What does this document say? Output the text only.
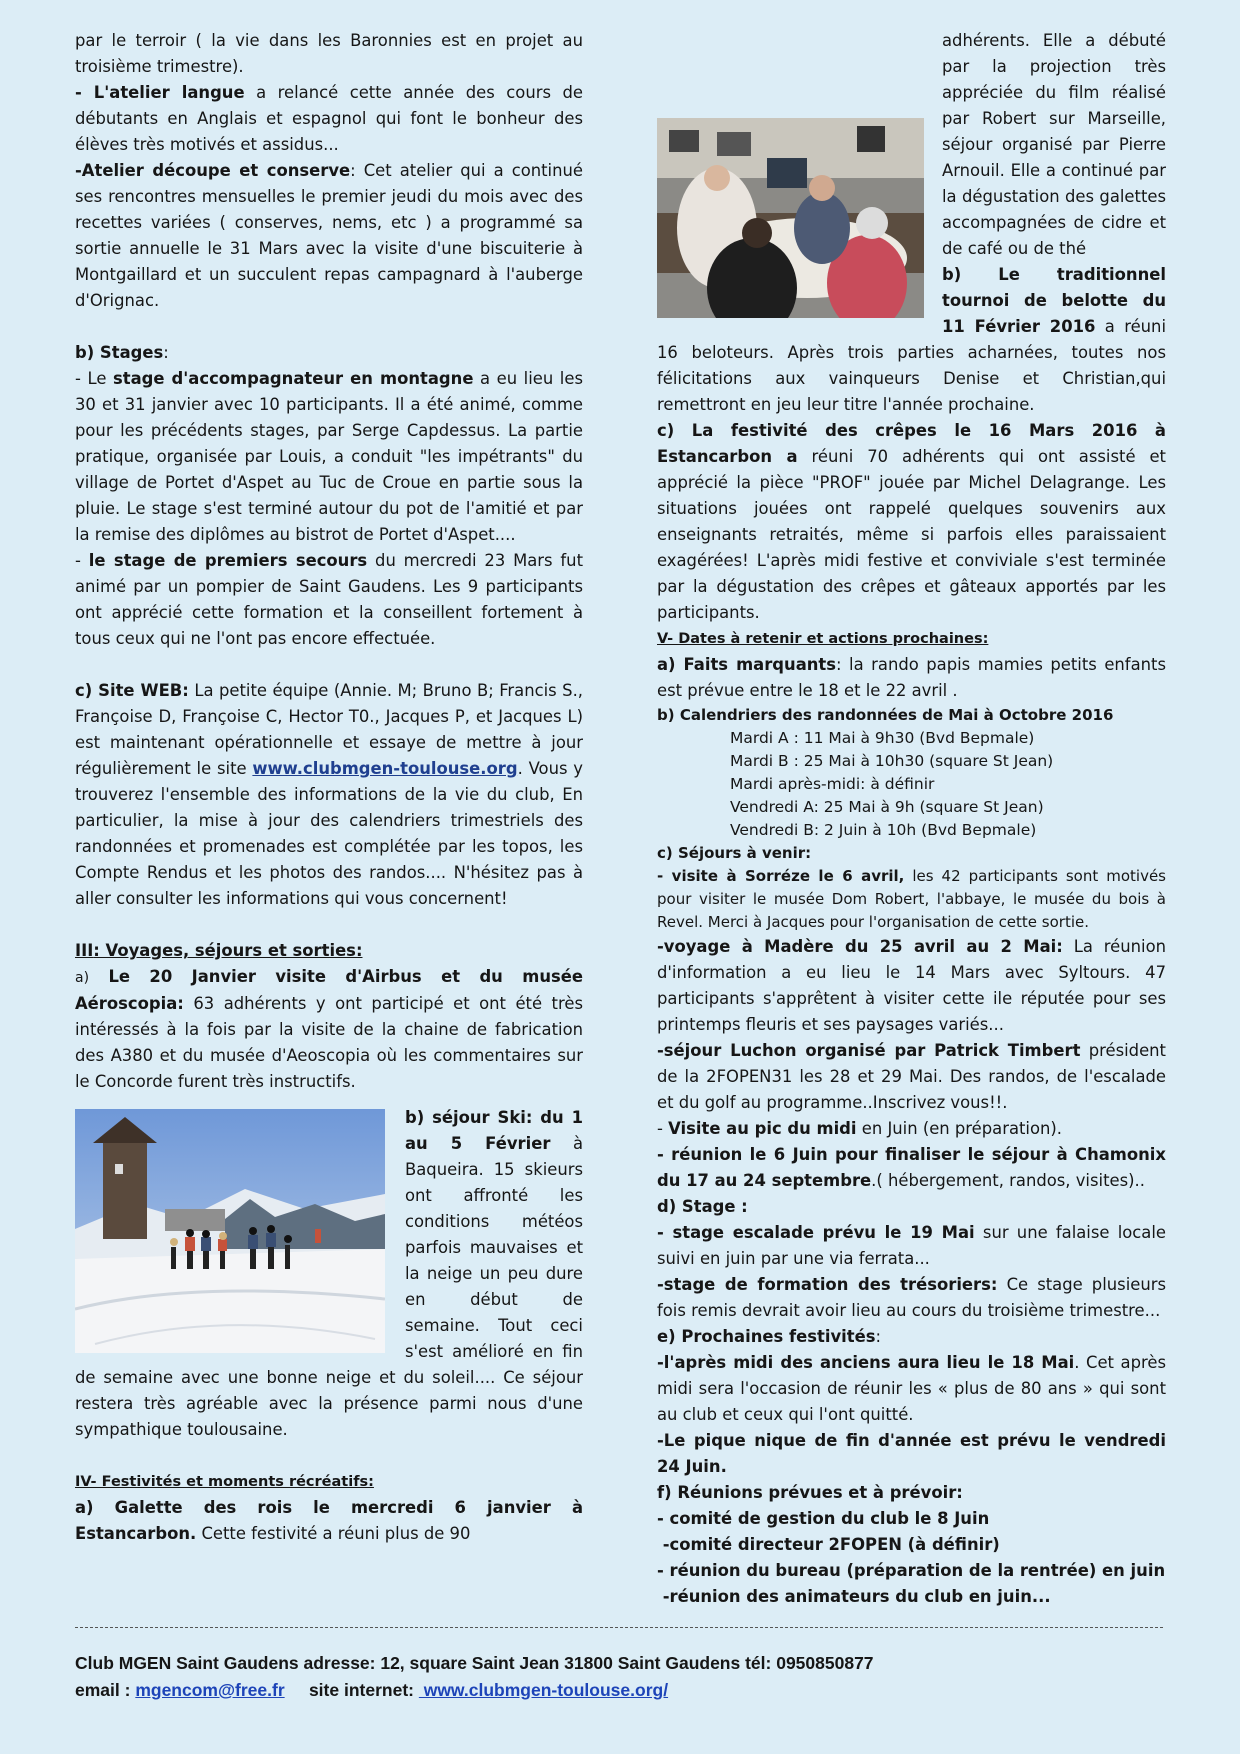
par le terroir ( la vie dans les Baronnies est en projet au troisième trimestre).

- L'atelier langue a relancé cette année des cours de débutants en Anglais et espagnol qui font le bonheur des élèves très motivés et assidus...

-Atelier découpe et conserve: Cet atelier qui a continué ses rencontres mensuelles le premier jeudi du mois avec des recettes variées ( conserves, nems, etc ) a programmé sa sortie annuelle le 31 Mars avec la visite d'une biscuiterie à Montgaillard et un succulent repas campagnard à l'auberge d'Orignac.

b) Stages:

- Le stage d'accompagnateur en montagne a eu lieu les 30 et 31 janvier avec 10 participants. Il a été animé, comme pour les précédents stages, par Serge Capdessus. La partie pratique, organisée par Louis, a conduit "les impétrants" du village de Portet d'Aspet au Tuc de Croue en partie sous la pluie. Le stage s'est terminé autour du pot de l'amitié et par la remise des diplômes au bistrot de Portet d'Aspet....

- le stage de premiers secours du mercredi 23 Mars fut animé par un pompier de Saint Gaudens. Les 9 participants ont apprécié cette formation et la conseillent fortement à tous ceux qui ne l'ont pas encore effectuée.

c) Site WEB: La petite équipe (Annie. M; Bruno B; Francis S., Françoise D, Françoise C, Hector T0., Jacques P, et Jacques L) est maintenant opérationnelle et essaye de mettre à jour régulièrement le site www.clubmgen-toulouse.org. Vous y trouverez l'ensemble des informations de la vie du club, En particulier, la mise à jour des calendriers trimestriels des randonnées et promenades est complétée par les topos, les Compte Rendus et les photos des randos.... N'hésitez pas à aller consulter les informations qui vous concernent!

III: Voyages, séjours et sorties:

a) Le 20 Janvier visite d'Airbus et du musée Aéroscopia: 63 adhérents y ont participé et ont été très intéressés à la fois par la visite de la chaine de fabrication des A380 et du musée d'Aeoscopia où les commentaires sur le Concorde furent très instructifs.

b) séjour Ski: du 1 au 5 Février à Baqueira. 15 skieurs ont affronté les conditions météos parfois mauvaises et la neige un peu dure en début de semaine. Tout ceci s'est amélioré en fin de semaine avec une bonne neige et du soleil.... Ce séjour restera très agréable avec la présence parmi nous d'une sympathique toulousaine.

IV- Festivités et moments récréatifs:

a) Galette des rois le mercredi 6 janvier à Estancarbon. Cette festivité a réuni plus de 90

adhérents. Elle a débuté par la projection très appréciée du film réalisé par Robert sur Marseille, séjour organisé par Pierre Arnouil. Elle a continué par la dégustation des galettes accompagnées de cidre et de café ou de thé

b) Le traditionnel tournoi de belotte du 11 Février 2016 a réuni 16 beloteurs. Après trois parties acharnées, toutes nos félicitations aux vainqueurs Denise et Christian,qui remettront en jeu leur titre l'année prochaine.

c) La festivité des crêpes le 16 Mars 2016 à Estancarbon a réuni 70 adhérents qui ont assisté et apprécié la pièce "PROF" jouée par Michel Delagrange. Les situations jouées ont rappelé quelques souvenirs aux enseignants retraités, même si parfois elles paraissaient exagérées! L'après midi festive et conviviale s'est terminée par la dégustation des crêpes et gâteaux apportés par les participants.

V- Dates à retenir et actions prochaines:

a) Faits marquants: la rando papis mamies petits enfants est prévue entre le 18 et le 22 avril .

b) Calendriers des randonnées de Mai à Octobre 2016

Mardi A : 11 Mai à 9h30 (Bvd Bepmale)
Mardi B : 25 Mai à 10h30 (square St Jean)
Mardi après-midi: à définir
Vendredi A: 25 Mai à 9h (square St Jean)
Vendredi B: 2 Juin à 10h (Bvd Bepmale)

c) Séjours à venir:

- visite à Sorréze le 6 avril, les 42 participants sont motivés pour visiter le musée Dom Robert, l'abbaye, le musée du bois à Revel. Merci à Jacques pour l'organisation de cette sortie.

-voyage à Madère du 25 avril au 2 Mai: La réunion d'information a eu lieu le 14 Mars avec Syltours. 47 participants s'apprêtent à visiter cette ile réputée pour ses printemps fleuris et ses paysages variés...

-séjour Luchon organisé par Patrick Timbert président de la 2FOPEN31 les 28 et 29 Mai. Des randos, de l'escalade et du golf au programme..Inscrivez vous!!.

- Visite au pic du midi en Juin (en préparation).

- réunion le 6 Juin pour finaliser le séjour à Chamonix du 17 au 24 septembre.( hébergement, randos, visites)..

d) Stage :

- stage escalade prévu le 19 Mai sur une falaise locale suivi en juin par une via ferrata...

-stage de formation des trésoriers: Ce stage plusieurs fois remis devrait avoir lieu au cours du troisième trimestre...

e) Prochaines festivités:

-l'après midi des anciens aura lieu le 18 Mai. Cet après midi sera l'occasion de réunir les « plus de 80 ans » qui sont au club et ceux qui l'ont quitté.

-Le pique nique de fin d'année est prévu le vendredi 24 Juin.

f) Réunions prévues et à prévoir:

- comité de gestion du club le 8 Juin

-comité directeur 2FOPEN (à définir)

- réunion du bureau (préparation de la rentrée) en juin

-réunion des animateurs du club en juin...

Club MGEN Saint Gaudens adresse: 12, square Saint Jean 31800 Saint Gaudens tél: 0950850877
email : mgencom@free.fr     site internet:  www.clubmgen-toulouse.org/
